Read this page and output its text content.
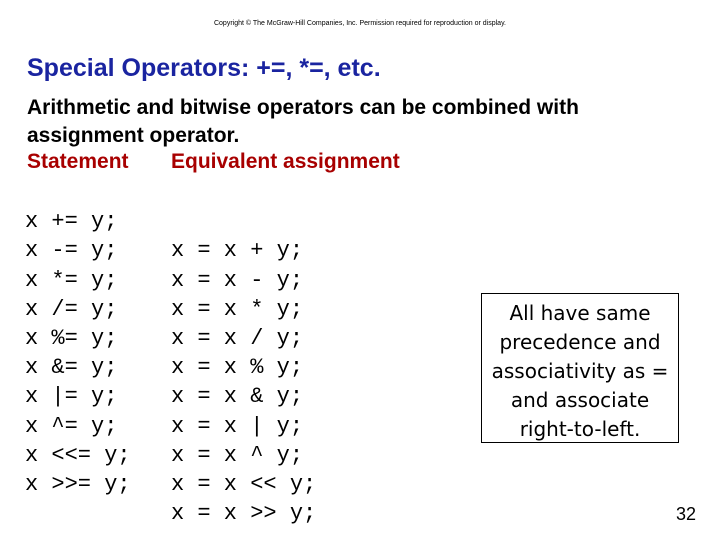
Copyright © The McGraw-Hill Companies, Inc. Permission required for reproduction or display.
Special Operators: +=, *=, etc.
Arithmetic and bitwise operators can be combined with assignment operator.
Statement Equivalent assignment

x += y;

x = x + y;

x -= y;

x = x - y;

x *= y;

x = x * y;

x /= y;

x = x / y;

x %= y;

x = x % y;

x &= y;

x = x & y;

x |= y;

x = x | y;

x ^= y;

x = x ^ y;

x <<= y;

x = x << y;

x >>= y;

x = x >> y;

All have same
precedence and
associativity as =
and associate
right-to-left.
32
